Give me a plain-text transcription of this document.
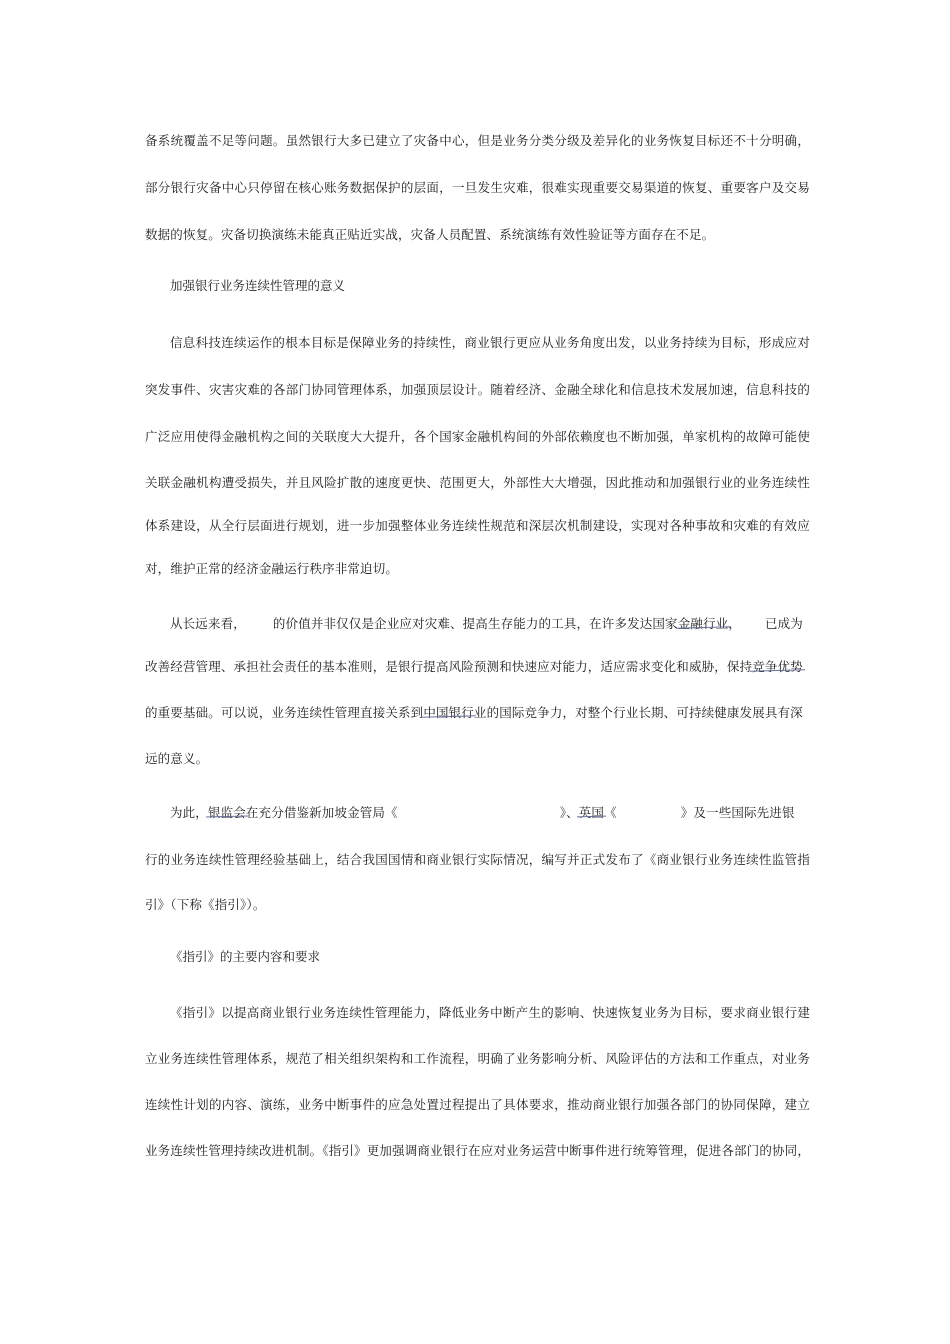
备系统覆盖不足等问题。虽然银行大多已建立了灾备中心，但是业务分类分级及差异化的业务恢复目标还不十分明确，
部分银行灾备中心只停留在核心账务数据保护的层面，一旦发生灾难，很难实现重要交易渠道的恢复、重要客户及交易
数据的恢复。灾备切换演练未能真正贴近实战，灾备人员配置、系统演练有效性验证等方面存在不足。
加强银行业务连续性管理的意义
信息科技连续运作的根本目标是保障业务的持续性，商业银行更应从业务角度出发，以业务持续为目标，形成应对
突发事件、灾害灾难的各部门协同管理体系，加强顶层设计。随着经济、金融全球化和信息技术发展加速，信息科技的
广泛应用使得金融机构之间的关联度大大提升，各个国家金融机构间的外部依赖度也不断加强，单家机构的故障可能使
关联金融机构遭受损失，并且风险扩散的速度更快、范围更大，外部性大大增强，因此推动和加强银行业的业务连续性
体系建设，从全行层面进行规划，进一步加强整体业务连续性规范和深层次机制建设，实现对各种事故和灾难的有效应
对，维护正常的经济金融运行秩序非常迫切。
从长远来看， 的价值并非仅仅是企业应对灾难、提高生存能力的工具，在许多发达国家金融行业， 已成为
改善经营管理、承担社会责任的基本准则，是银行提高风险预测和快速应对能力，适应需求变化和威胁，保持竞争优势
的重要基础。可以说，业务连续性管理直接关系到中国银行业的国际竞争力，对整个行业长期、可持续健康发展具有深
远的意义。
为此，银监会在充分借鉴新加坡金管局《	》、英国《	》及一些国际先进银
行的业务连续性管理经验基础上，结合我国国情和商业银行实际情况，编写并正式发布了《商业银行业务连续性监管指
引》（下称《指引》）。
《指引》的主要内容和要求
《指引》以提高商业银行业务连续性管理能力，降低业务中断产生的影响、快速恢复业务为目标，要求商业银行建
立业务连续性管理体系，规范了相关组织架构和工作流程，明确了业务影响分析、风险评估的方法和工作重点，对业务
连续性计划的内容、演练，业务中断事件的应急处置过程提出了具体要求，推动商业银行加强各部门的协同保障，建立
业务连续性管理持续改进机制。《指引》更加强调商业银行在应对业务运营中断事件进行统筹管理，促进各部门的协同，
